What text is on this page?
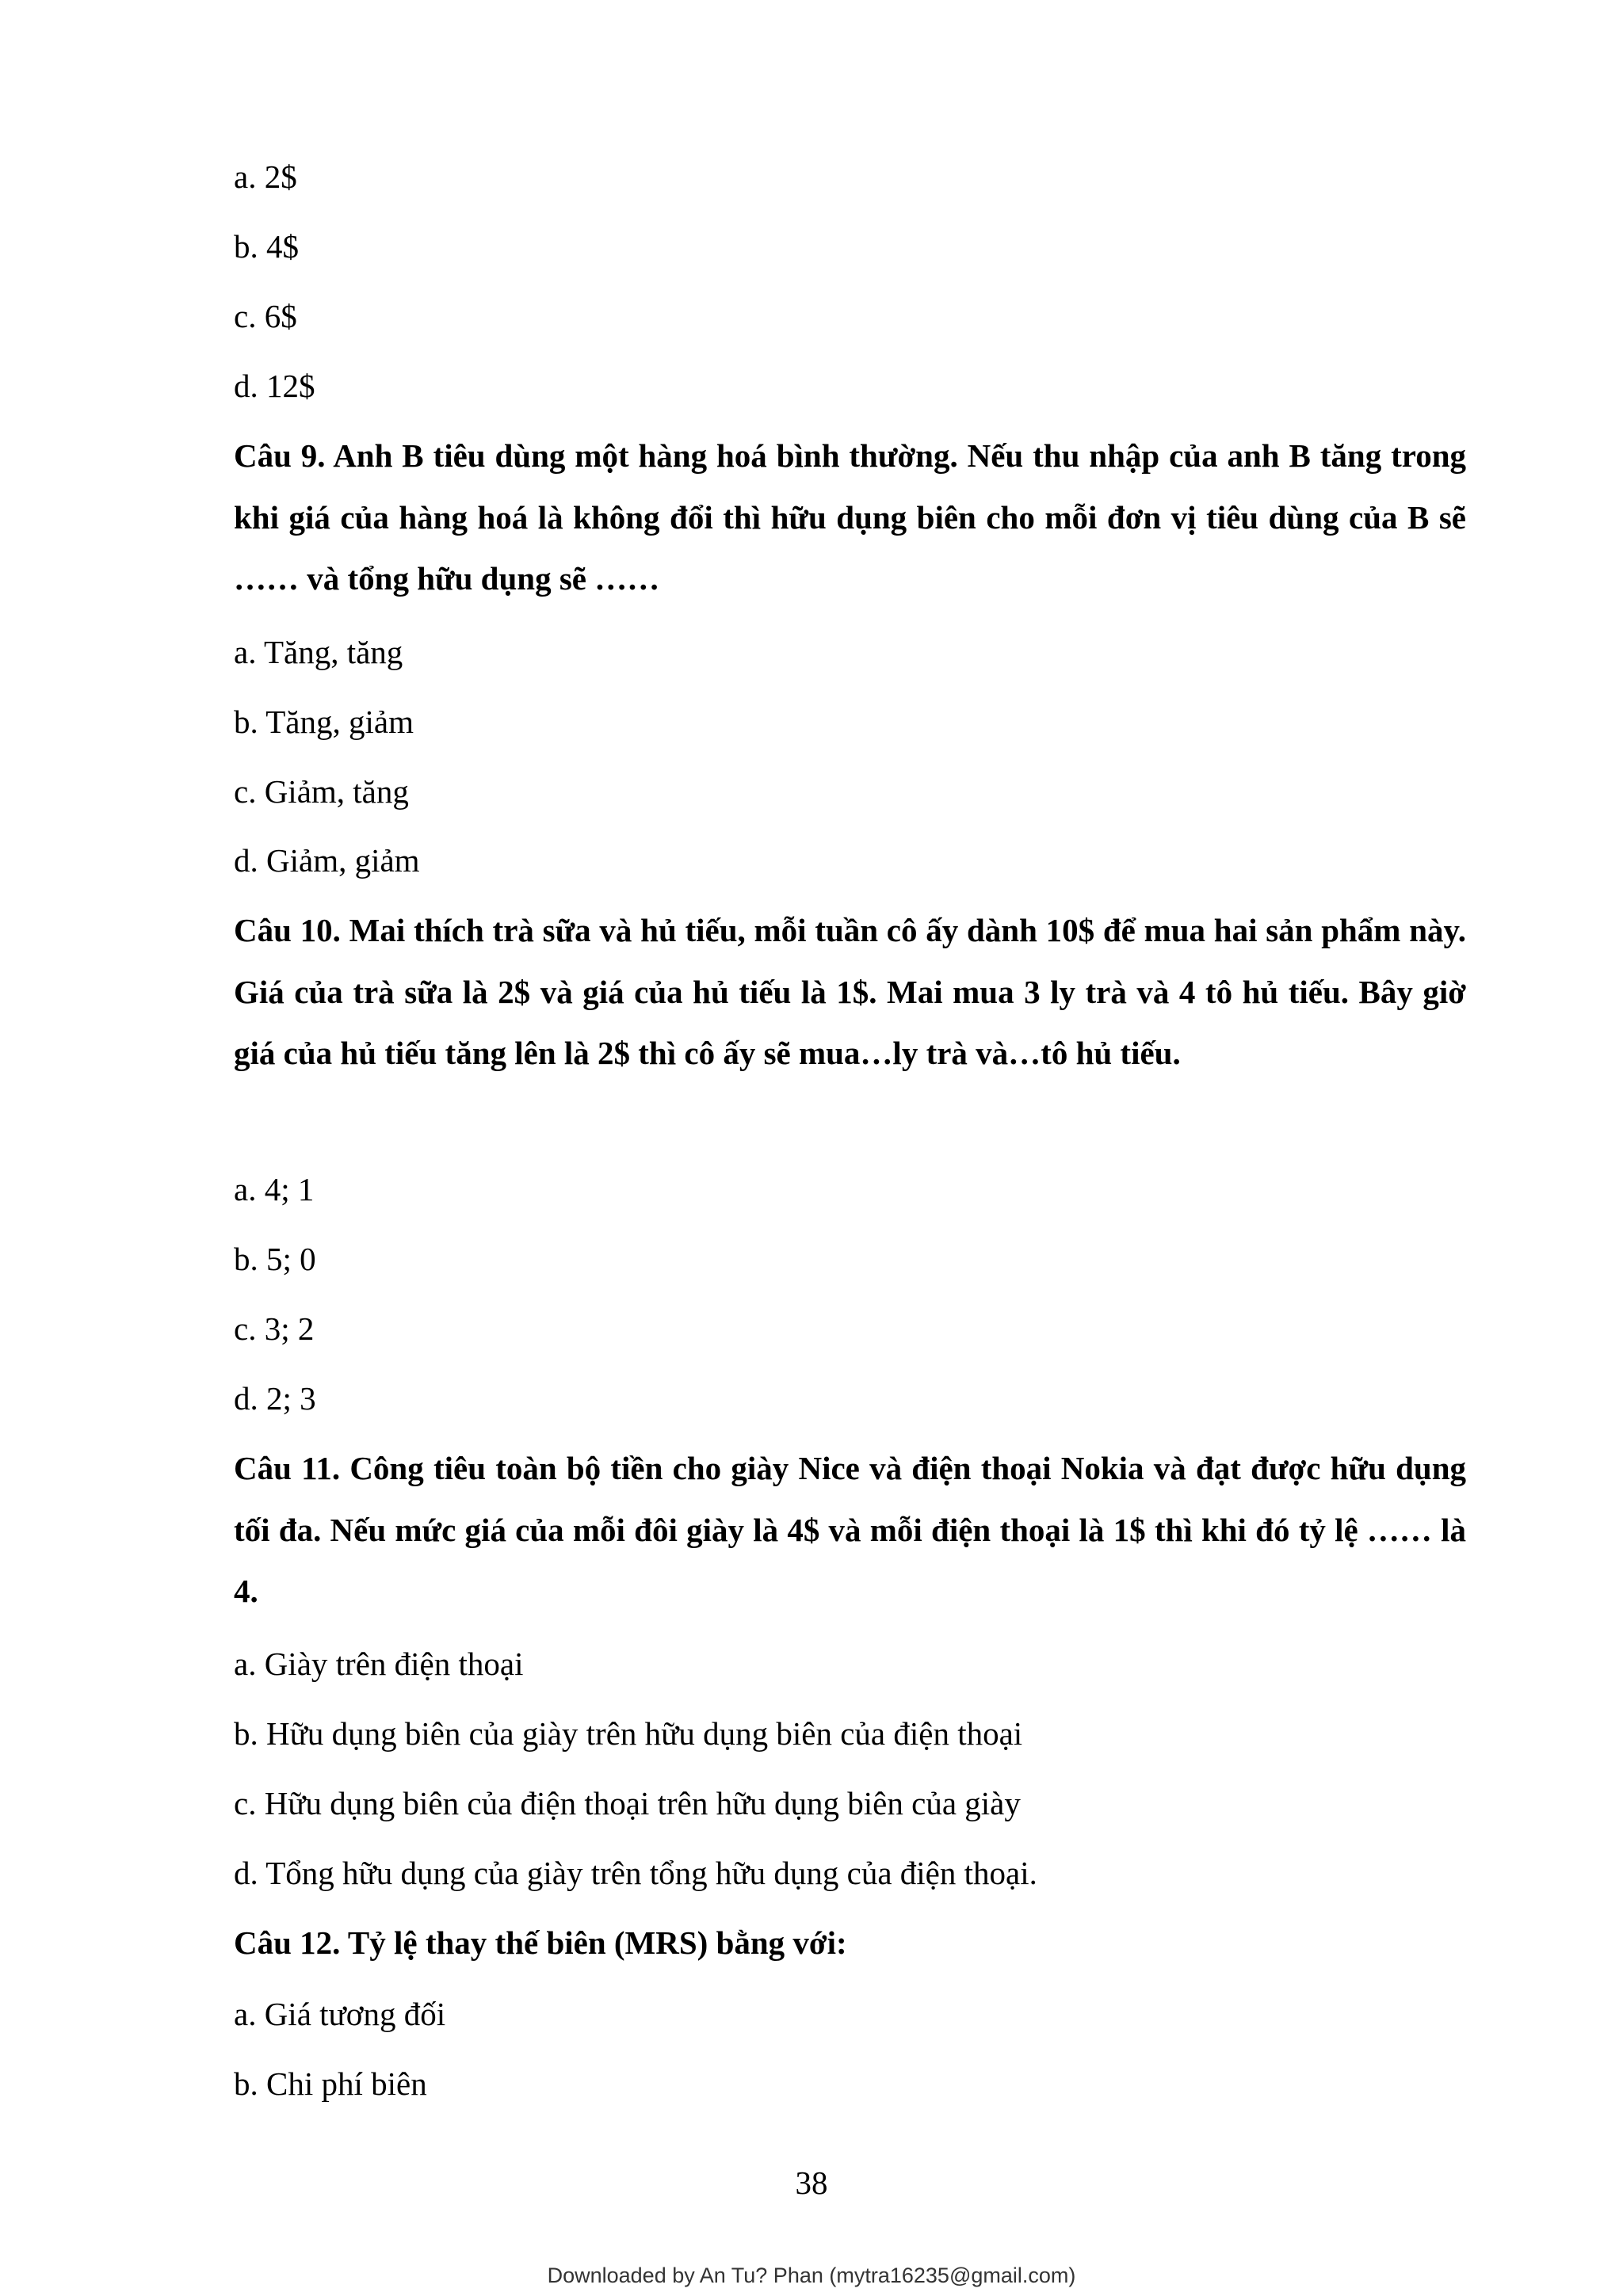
a. 2$
b. 4$
c. 6$
d. 12$
Câu 9. Anh B tiêu dùng một hàng hoá bình thường. Nếu thu nhập của anh B tăng trong khi giá của hàng hoá là không đổi thì hữu dụng biên cho mỗi đơn vị tiêu dùng của B sẽ …… và tổng hữu dụng sẽ ……
a. Tăng, tăng
b. Tăng, giảm
c. Giảm, tăng
d. Giảm, giảm
Câu 10. Mai thích trà sữa và hủ tiếu, mỗi tuần cô ấy dành 10$ để mua hai sản phẩm này. Giá của trà sữa là 2$ và giá của hủ tiếu là 1$. Mai mua 3 ly trà và 4 tô hủ tiếu. Bây giờ giá của hủ tiếu tăng lên là 2$ thì cô ấy sẽ mua…ly trà và…tô hủ tiếu.
a. 4; 1
b. 5; 0
c. 3; 2
d. 2; 3
Câu 11. Công tiêu toàn bộ tiền cho giày Nice và điện thoại Nokia và đạt được hữu dụng tối đa. Nếu mức giá của mỗi đôi giày là 4$ và mỗi điện thoại là 1$ thì khi đó tỷ lệ …… là 4.
a. Giày trên điện thoại
b. Hữu dụng biên của giày trên hữu dụng biên của điện thoại
c. Hữu dụng biên của điện thoại trên hữu dụng biên của giày
d. Tổng hữu dụng của giày trên tổng hữu dụng của điện thoại.
Câu 12. Tỷ lệ thay thế biên (MRS) bằng với:
a. Giá tương đối
b. Chi phí biên
38
Downloaded by An Tu? Phan (mytra16235@gmail.com)
